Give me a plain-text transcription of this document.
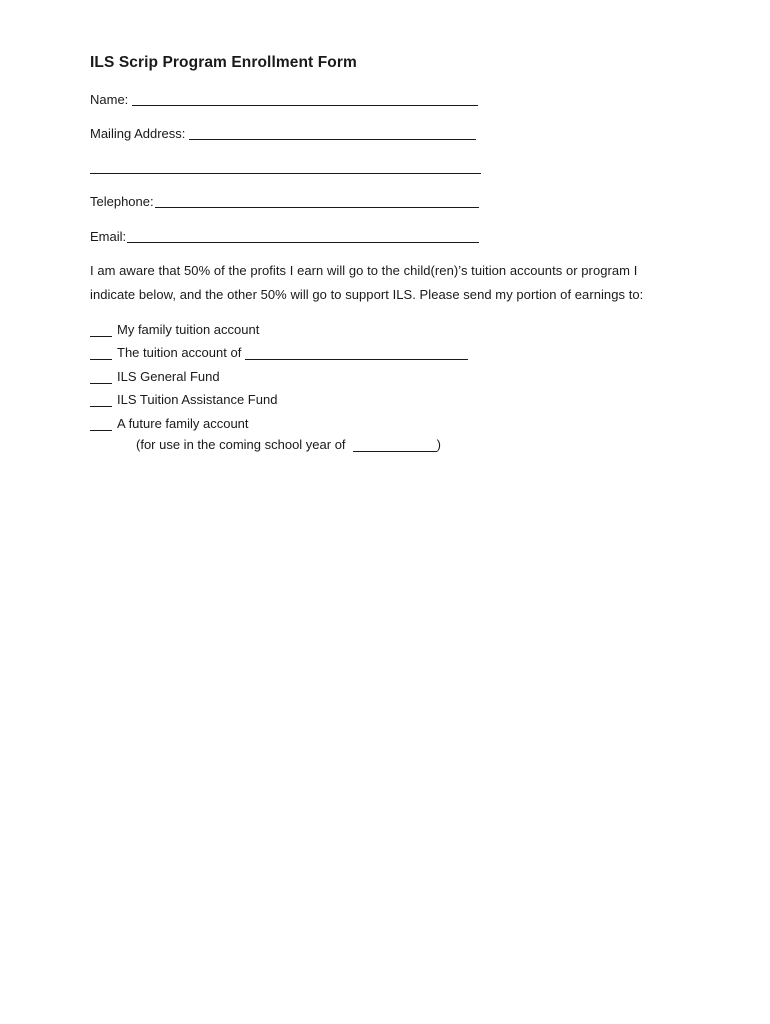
ILS Scrip Program Enrollment Form
Name:
Mailing Address:
Telephone:
Email:
I am aware that 50% of the profits I earn will go to the child(ren)’s tuition accounts or program I
indicate below, and the other 50% will go to support ILS. Please send my portion of earnings to:
My family tuition account
The tuition account of
ILS General Fund
ILS Tuition Assistance Fund
A future family account
(for use in the coming school year of	)
